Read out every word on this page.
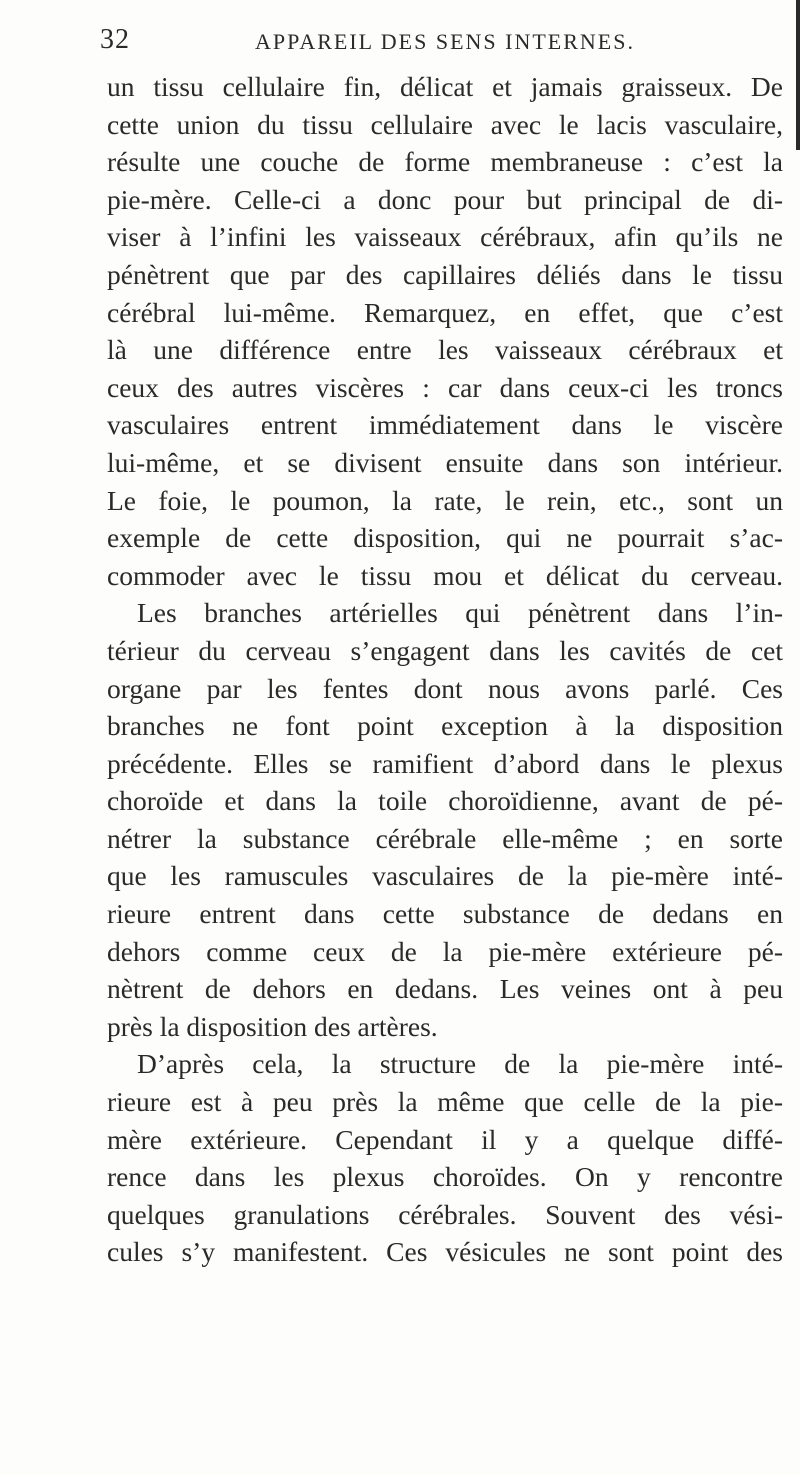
32	APPAREIL DES SENS INTERNES.
un tissu cellulaire fin, délicat et jamais graisseux. De
cette union du tissu cellulaire avec le lacis vasculaire,
résulte une couche de forme membraneuse : c’est la
pie-mère. Celle-ci a donc pour but principal de di-
viser à l’infini les vaisseaux cérébraux, afin qu’ils ne
pénètrent que par des capillaires déliés dans le tissu
cérébral lui-même. Remarquez, en effet, que c’est
là une différence entre les vaisseaux cérébraux et
ceux des autres viscères : car dans ceux-ci les troncs
vasculaires entrent immédiatement dans le viscère
lui-même, et se divisent ensuite dans son intérieur.
Le foie, le poumon, la rate, le rein, etc., sont un
exemple de cette disposition, qui ne pourrait s’ac-
commoder avec le tissu mou et délicat du cerveau.
Les branches artérielles qui pénètrent dans l’in-
térieur du cerveau s’engagent dans les cavités de cet
organe par les fentes dont nous avons parlé. Ces
branches ne font point exception à la disposition
précédente. Elles se ramifient d’abord dans le plexus
choroïde et dans la toile choroïdienne, avant de pé-
nétrer la substance cérébrale elle-même ; en sorte
que les ramuscules vasculaires de la pie-mère inté-
rieure entrent dans cette substance de dedans en
dehors comme ceux de la pie-mère extérieure pé-
nètrent de dehors en dedans. Les veines ont à peu
près la disposition des artères.
D’après cela, la structure de la pie-mère inté-
rieure est à peu près la même que celle de la pie-
mère extérieure. Cependant il y a quelque diffé-
rence dans les plexus choroïdes. On y rencontre
quelques granulations cérébrales. Souvent des vési-
cules s’y manifestent. Ces vésicules ne sont point des
